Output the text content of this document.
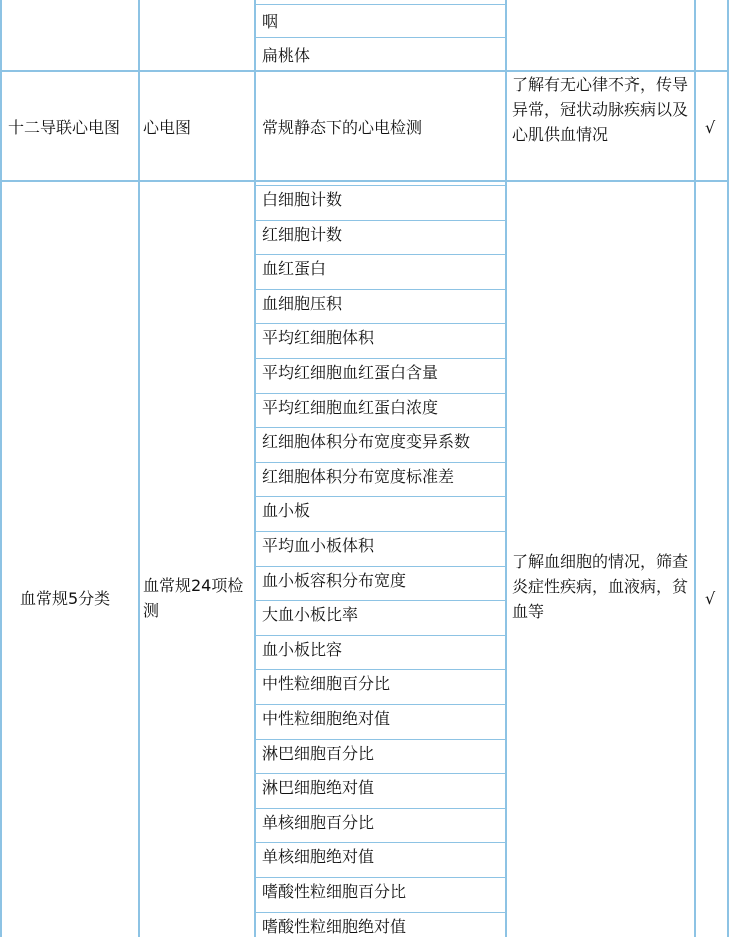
咽
扁桃体
十二导联心电图 心电图	常规静态下的心电检测
了解有无心律不齐，传导异常，冠状动脉疾病以及心肌供血情况	√
血常规5分类
血常规24项检测
白细胞计数
红细胞计数
血红蛋白
血细胞压积
平均红细胞体积
平均红细胞血红蛋白含量
平均红细胞血红蛋白浓度
红细胞体积分布宽度变异系数
红细胞体积分布宽度标准差
血小板
平均血小板体积
血小板容积分布宽度
大血小板比率
血小板比容
中性粒细胞百分比
中性粒细胞绝对值
淋巴细胞百分比
淋巴细胞绝对值
单核细胞百分比
单核细胞绝对值
嗜酸性粒细胞百分比
嗜酸性粒细胞绝对值
了解血细胞的情况，筛查炎症性疾病，血液病，贫血等
√
